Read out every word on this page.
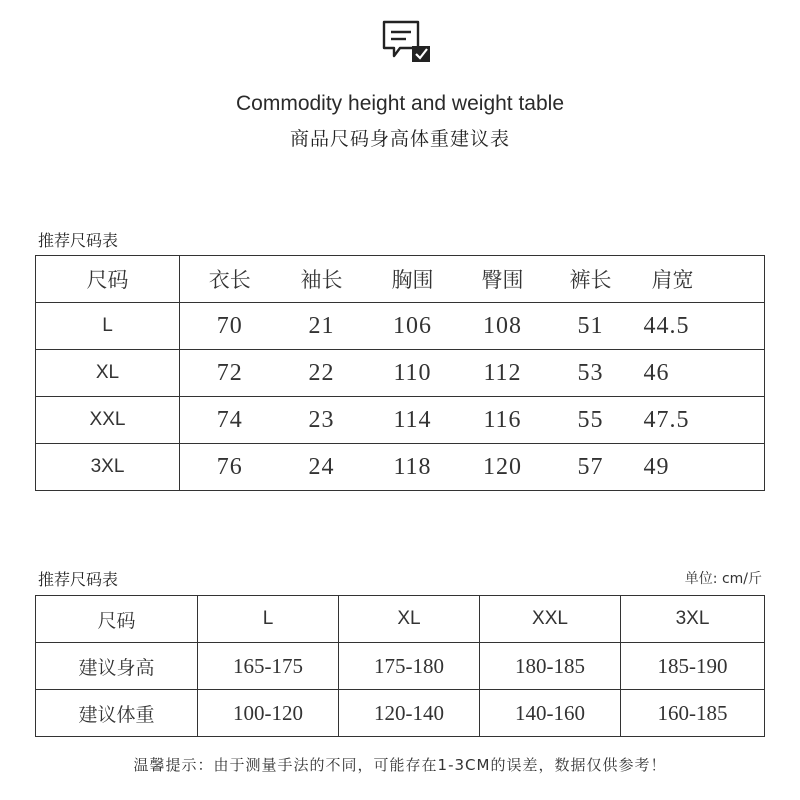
Commodity height and weight table
商品尺码身高体重建议表
推荐尺码表
尺码	衣长	袖长	胸围	臀围	裤长	肩宽
L	70	21	106	108	51	44.5
XL	72	22	110	112	53	46
XXL	74	23	114	116	55	47.5
3XL	76	24	118	120	57	49
推荐尺码表	单位: cm/斤
尺码	L	XL	XXL	3XL
建议身高	165-175	175-180	180-185	185-190
建议体重	100-120	120-140	140-160	160-185
温馨提示：由于测量手法的不同，可能存在1-3CM的误差，数据仅供参考！
